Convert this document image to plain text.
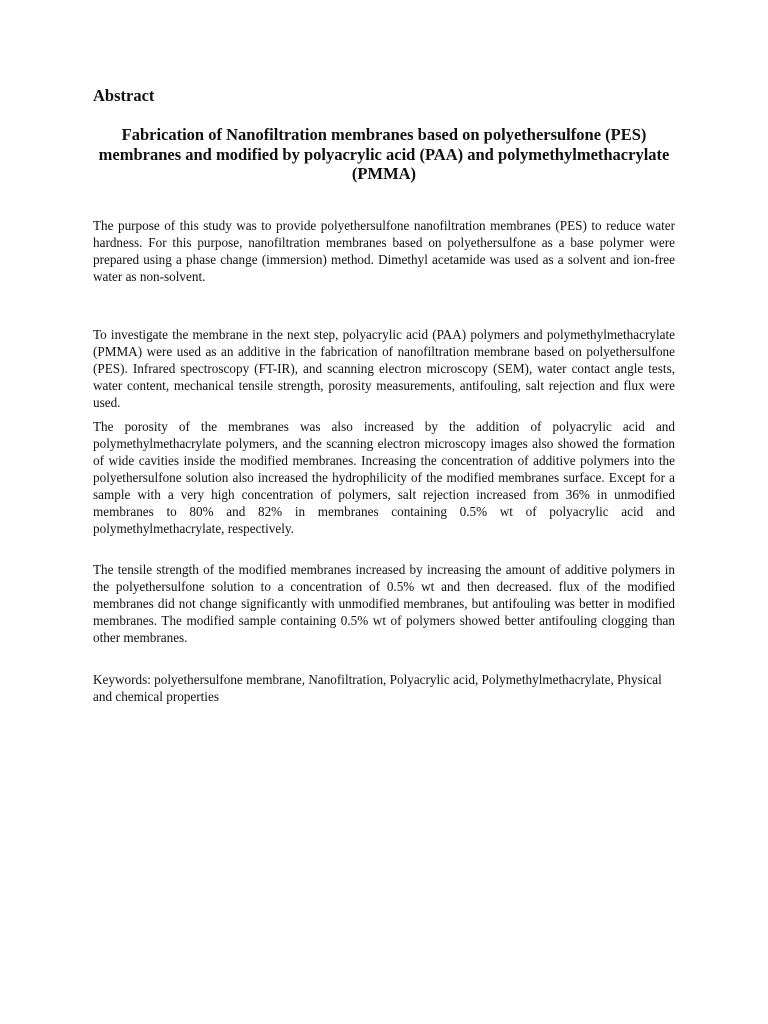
Abstract
Fabrication of Nanofiltration membranes based on polyethersulfone (PES) membranes and modified by polyacrylic acid (PAA) and polymethylmethacrylate (PMMA)

The purpose of this study was to provide polyethersulfone nanofiltration membranes (PES) to reduce water hardness. For this purpose, nanofiltration membranes based on polyethersulfone as a base polymer were prepared using a phase change (immersion) method. Dimethyl acetamide was used as a solvent and ion-free water as non-solvent.

To investigate the membrane in the next step, polyacrylic acid (PAA) polymers and polymethylmethacrylate (PMMA) were used as an additive in the fabrication of nanofiltration membrane based on polyethersulfone (PES). Infrared spectroscopy (FT-IR), and scanning electron microscopy (SEM), water contact angle tests, water content, mechanical tensile strength, porosity measurements, antifouling, salt rejection and flux were used.

The porosity of the membranes was also increased by the addition of polyacrylic acid and polymethylmethacrylate polymers, and the scanning electron microscopy images also showed the formation of wide cavities inside the modified membranes. Increasing the concentration of additive polymers into the polyethersulfone solution also increased the hydrophilicity of the modified membranes surface. Except for a sample with a very high concentration of polymers, salt rejection increased from 36% in unmodified membranes to 80% and 82% in membranes containing 0.5% wt of polyacrylic acid and polymethylmethacrylate, respectively.

The tensile strength of the modified membranes increased by increasing the amount of additive polymers in the polyethersulfone solution to a concentration of 0.5% wt and then decreased. flux of the modified membranes did not change significantly with unmodified membranes, but antifouling was better in modified membranes. The modified sample containing 0.5% wt of polymers showed better antifouling clogging than other membranes.

Keywords: polyethersulfone membrane, Nanofiltration, Polyacrylic acid, Polymethylmethacrylate, Physical and chemical properties
